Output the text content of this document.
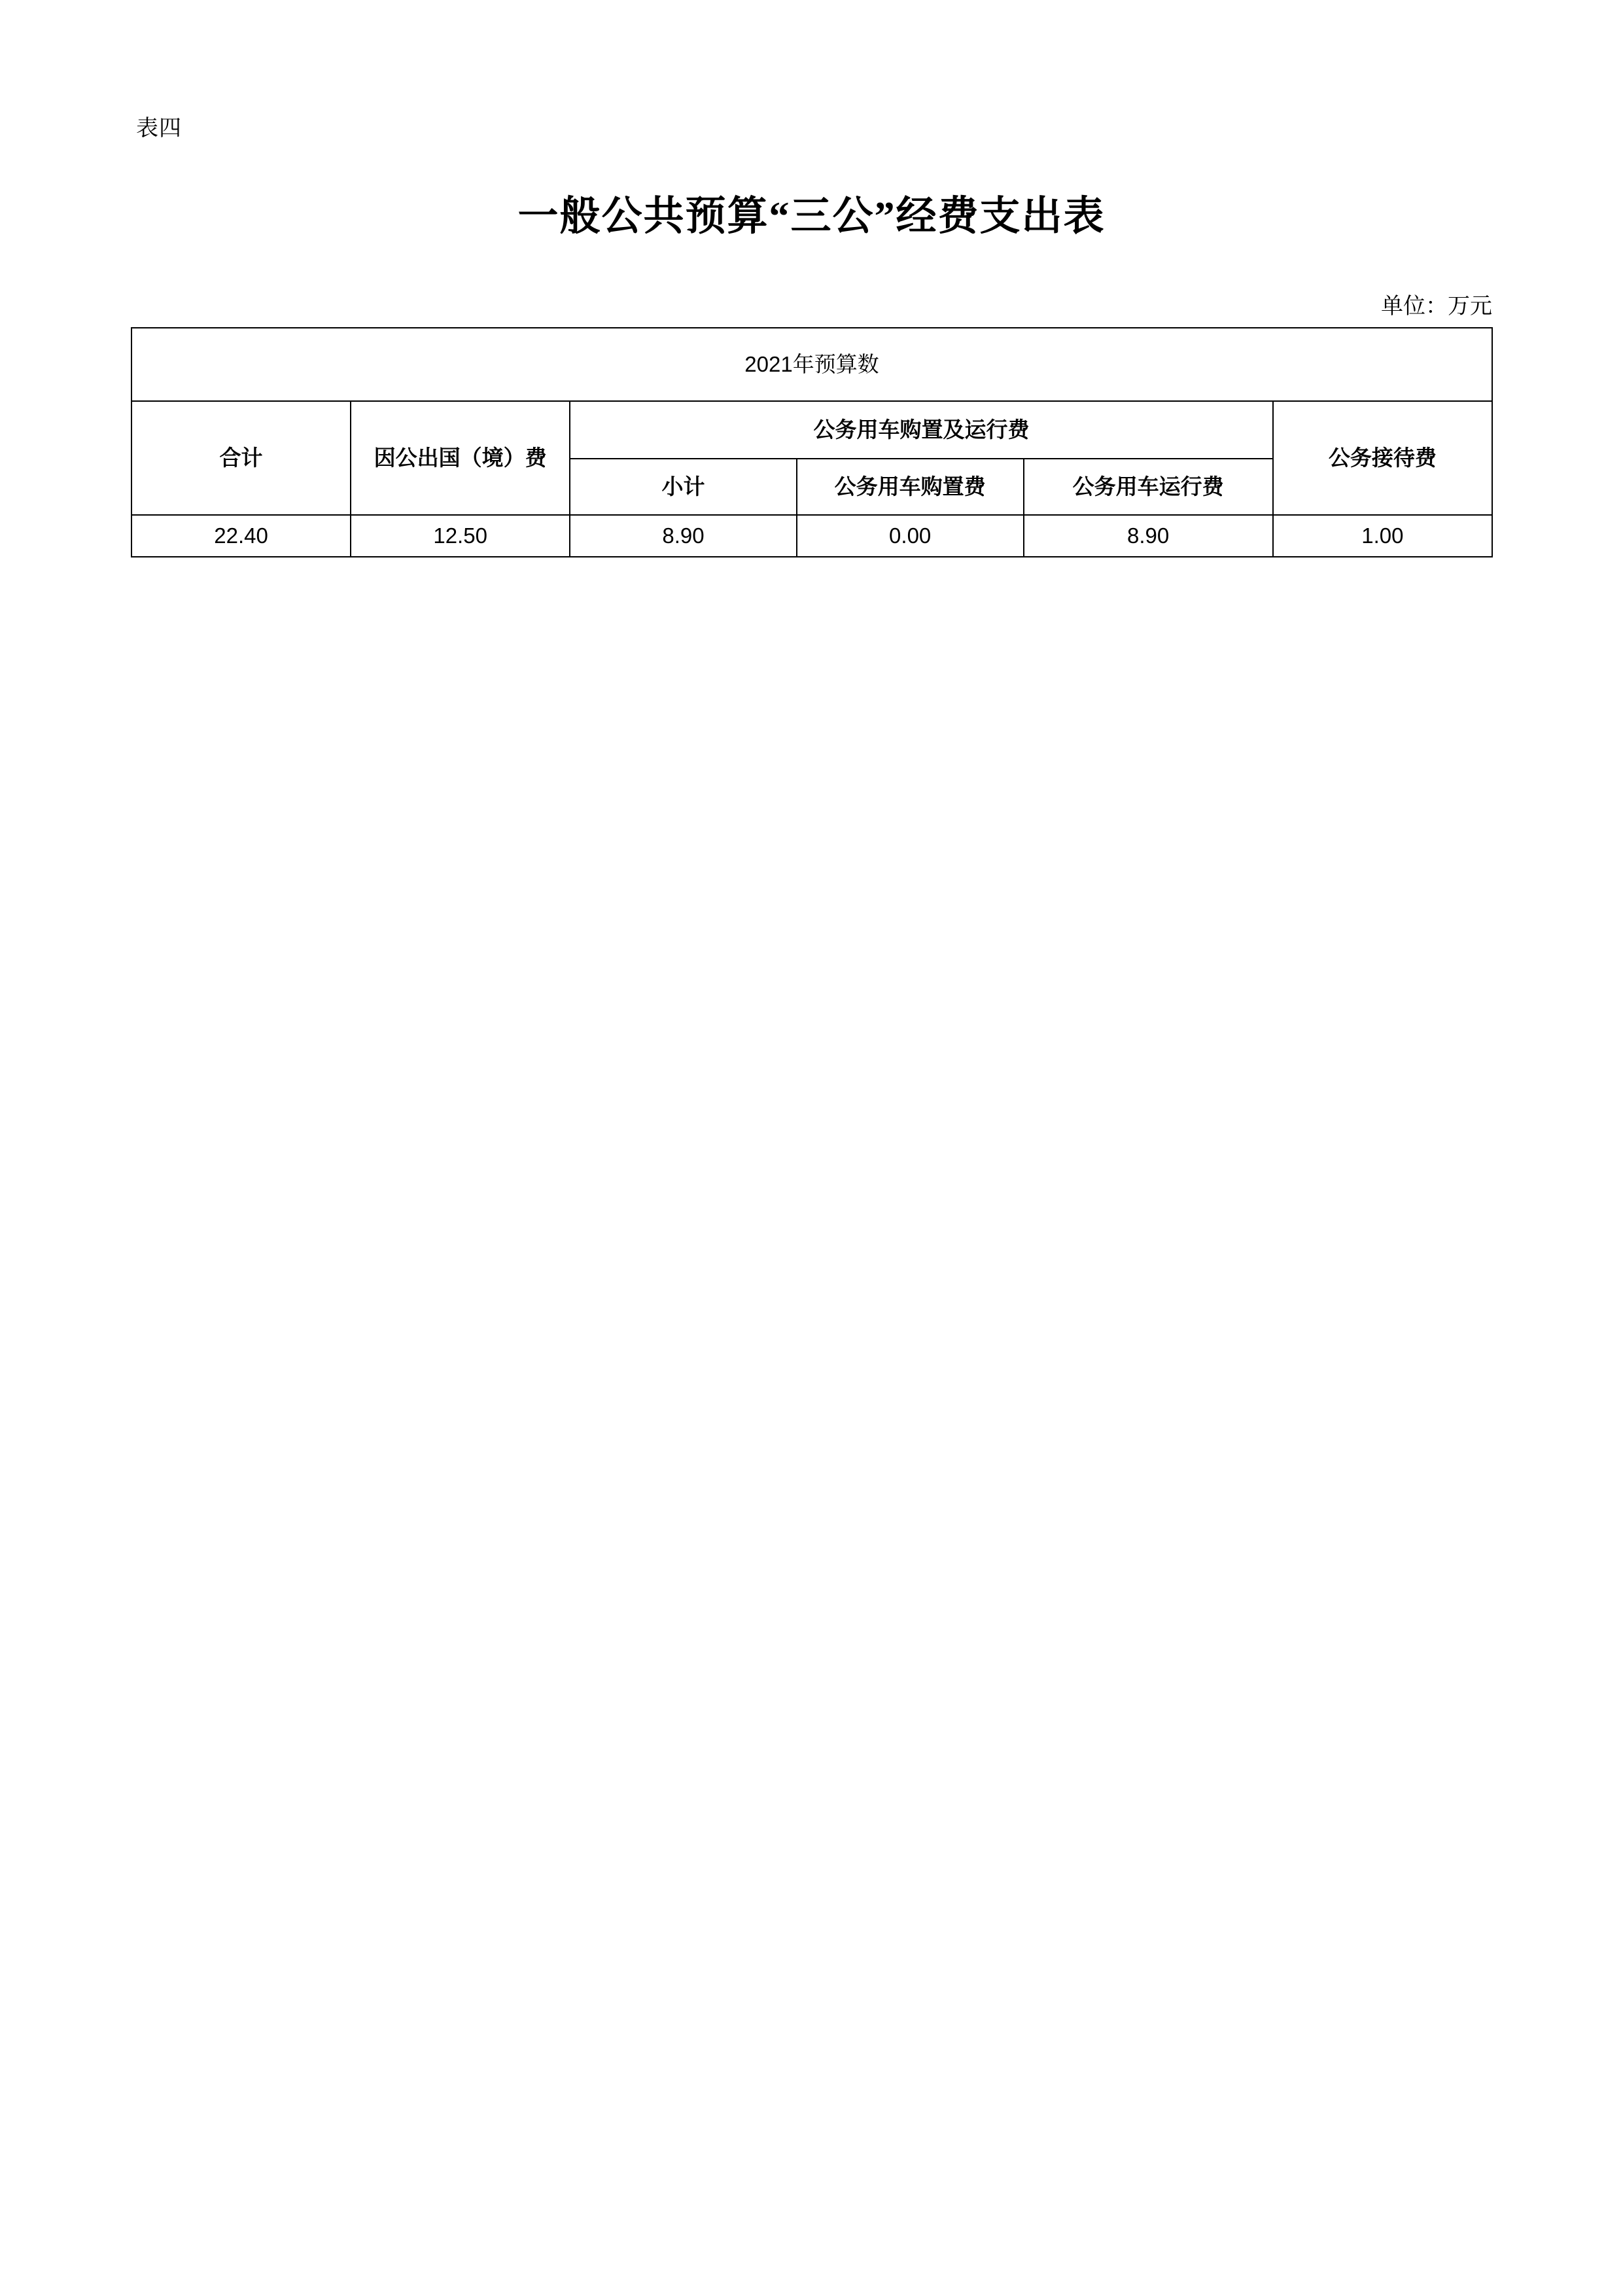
表四
一般公共预算“三公”经费支出表
单位：万元
2021年预算数					
合计	因公出国（境）费	公务用车购置及运行费			公务接待费
		小计	公务用车购置费	公务用车运行费	
22.40	12.50	8.90	0.00	8.90	1.00
